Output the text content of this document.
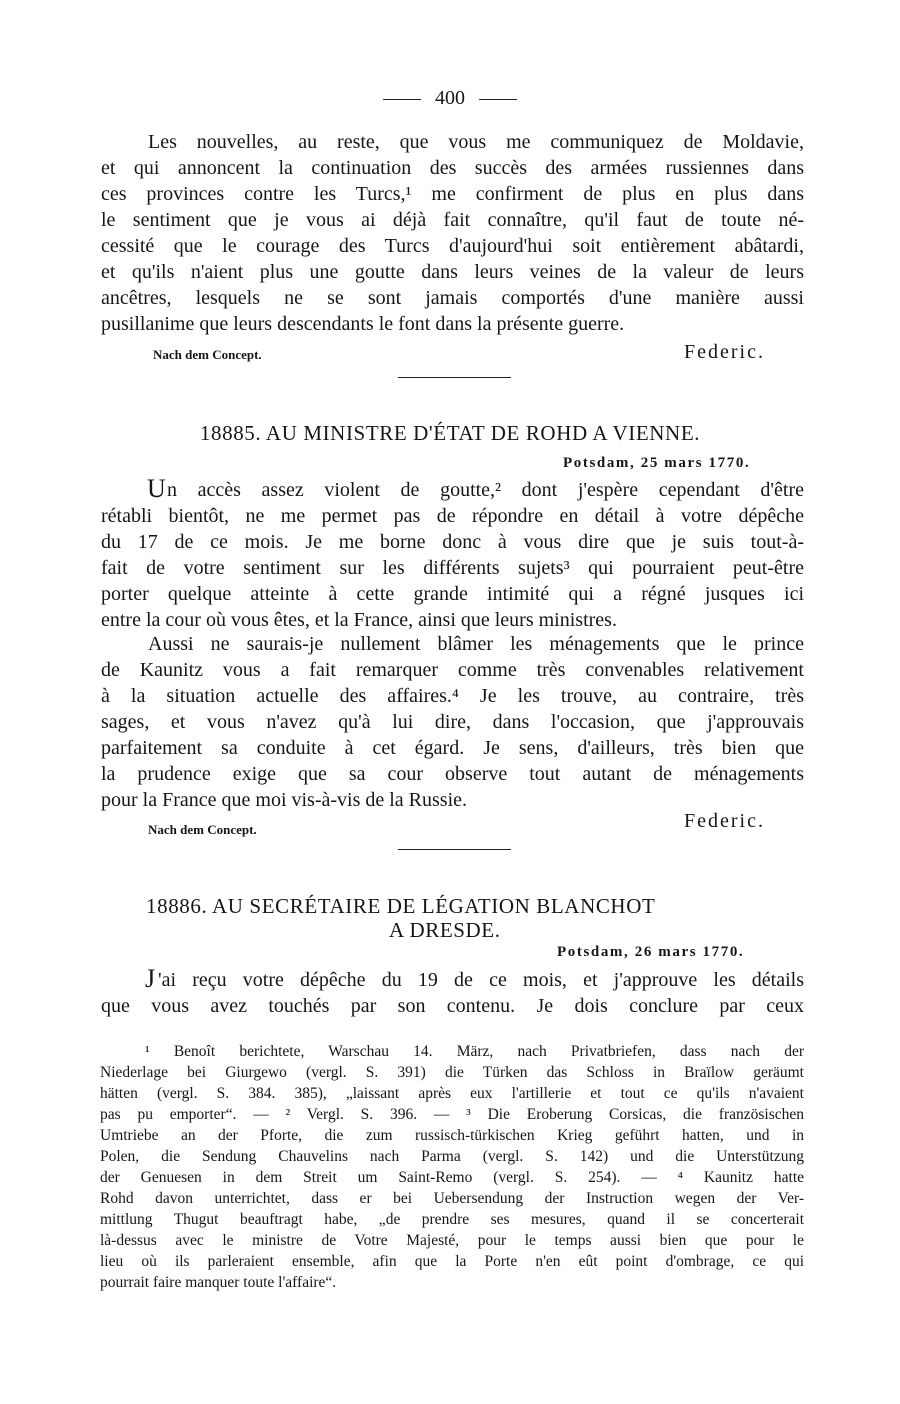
400
Les nouvelles, au reste, que vous me communiquez de Moldavie,
et qui annoncent la continuation des succès des armées russiennes dans
ces provinces contre les Turcs,¹ me confirment de plus en plus dans
le sentiment que je vous ai déjà fait connaître, qu'il faut de toute né-
cessité que le courage des Turcs d'aujourd'hui soit entièrement abâtardi,
et qu'ils n'aient plus une goutte dans leurs veines de la valeur de leurs
ancêtres, lesquels ne se sont jamais comportés d'une manière aussi
pusillanime que leurs descendants le font dans la présente guerre.
Nach dem Concept.	Federic.
18885. AU MINISTRE D'ÉTAT DE ROHD A VIENNE.
Potsdam, 25 mars 1770.
U n accès assez violent de goutte,² dont j'espère cependant d'être
rétabli bientôt, ne me permet pas de répondre en détail à votre dépêche
du 17 de ce mois. Je me borne donc à vous dire que je suis tout-à-
fait de votre sentiment sur les différents sujets³ qui pourraient peut-être
porter quelque atteinte à cette grande intimité qui a régné jusques ici
entre la cour où vous êtes, et la France, ainsi que leurs ministres.
Aussi ne saurais-je nullement blâmer les ménagements que le prince
de Kaunitz vous a fait remarquer comme très convenables relativement
à la situation actuelle des affaires.⁴ Je les trouve, au contraire, très
sages, et vous n'avez qu'à lui dire, dans l'occasion, que j'approuvais
parfaitement sa conduite à cet égard. Je sens, d'ailleurs, très bien que
la prudence exige que sa cour observe tout autant de ménagements
pour la France que moi vis-à-vis de la Russie.
Nach dem Concept.	Federic.
18886. AU SECRÉTAIRE DE LÉGATION BLANCHOT
A DRESDE.
Potsdam, 26 mars 1770.
J 'ai reçu votre dépêche du 19 de ce mois, et j'approuve les détails
que vous avez touchés par son contenu. Je dois conclure par ceux
¹ Benoît berichtete, Warschau 14. März, nach Privatbriefen, dass nach der
Niederlage bei Giurgewo (vergl. S. 391) die Türken das Schloss in Braïlow geräumt
hätten (vergl. S. 384. 385), „laissant après eux l'artillerie et tout ce qu'ils n'avaient
pas pu emporter“. — ² Vergl. S. 396. — ³ Die Eroberung Corsicas, die französischen
Umtriebe an der Pforte, die zum russisch-türkischen Krieg geführt hatten, und in
Polen, die Sendung Chauvelins nach Parma (vergl. S. 142) und die Unterstützung
der Genuesen in dem Streit um Saint-Remo (vergl. S. 254). — ⁴ Kaunitz hatte
Rohd davon unterrichtet, dass er bei Uebersendung der Instruction wegen der Ver-
mittlung Thugut beauftragt habe, „de prendre ses mesures, quand il se concerterait
là-dessus avec le ministre de Votre Majesté, pour le temps aussi bien que pour le
lieu où ils parleraient ensemble, afin que la Porte n'en eût point d'ombrage, ce qui
pourrait faire manquer toute l'affaire“.
